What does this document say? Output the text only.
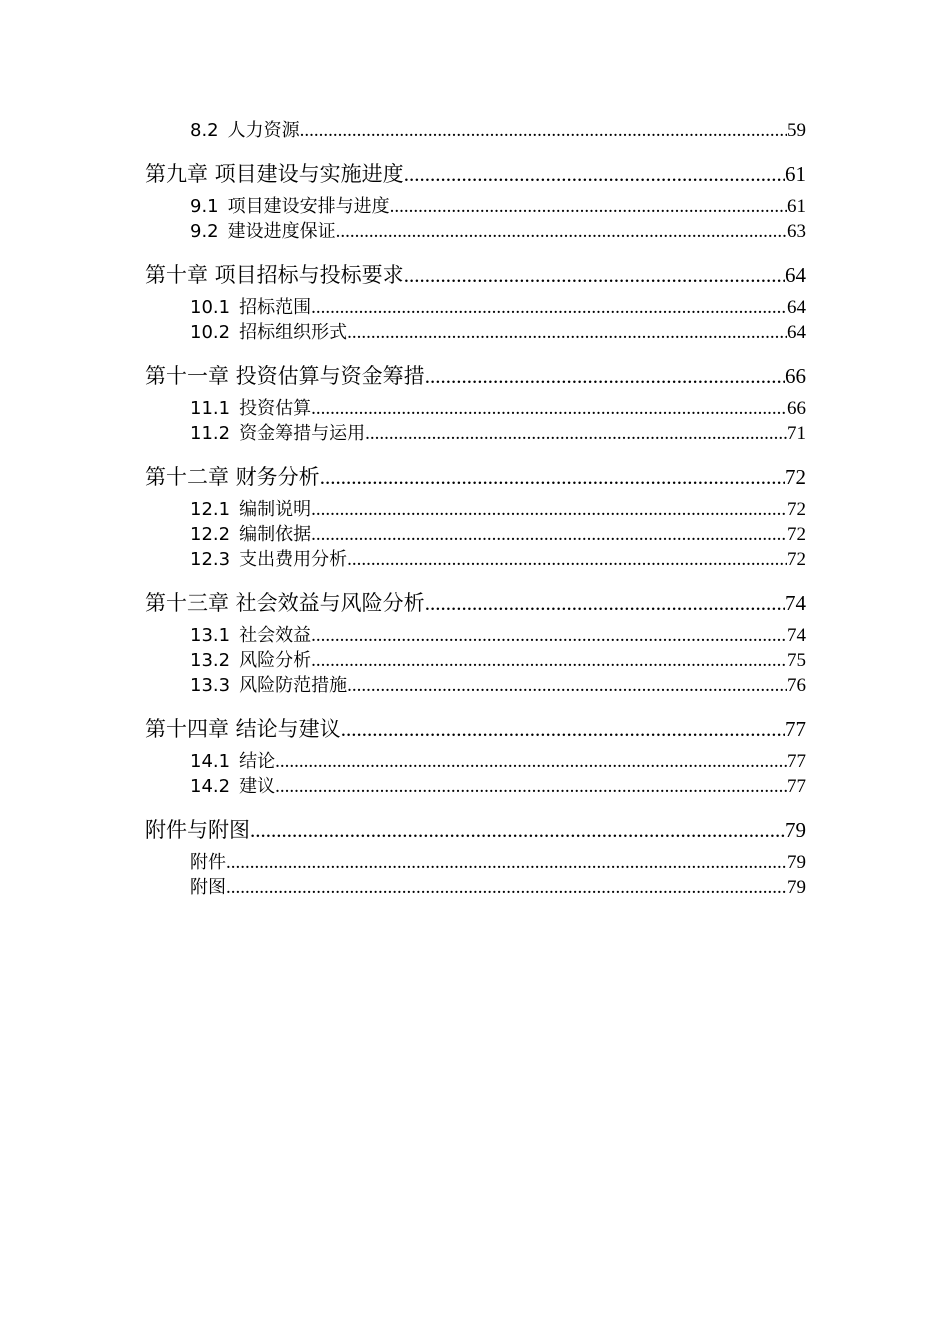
8.2  人力资源 .....	59
第九章 项目建设与实施进度 .....	61
9.1  项目建设安排与进度 .....	61
9.2  建设进度保证 .....	63
第十章 项目招标与投标要求 .....	64
10.1  招标范围 .....	64
10.2  招标组织形式 .....	64
第十一章 投资估算与资金筹措 .....	66
11.1  投资估算 .....	66
11.2  资金筹措与运用 .....	71
第十二章 财务分析 .....	72
12.1  编制说明 .....	72
12.2  编制依据 .....	72
12.3  支出费用分析 .....	72
第十三章 社会效益与风险分析 .....	74
13.1  社会效益 .....	74
13.2  风险分析 .....	75
13.3  风险防范措施 .....	76
第十四章 结论与建议 .....	77
14.1  结论 .....	77
14.2  建议 .....	77
附件与附图 .....	79
附件 .....	79
附图 .....	79
